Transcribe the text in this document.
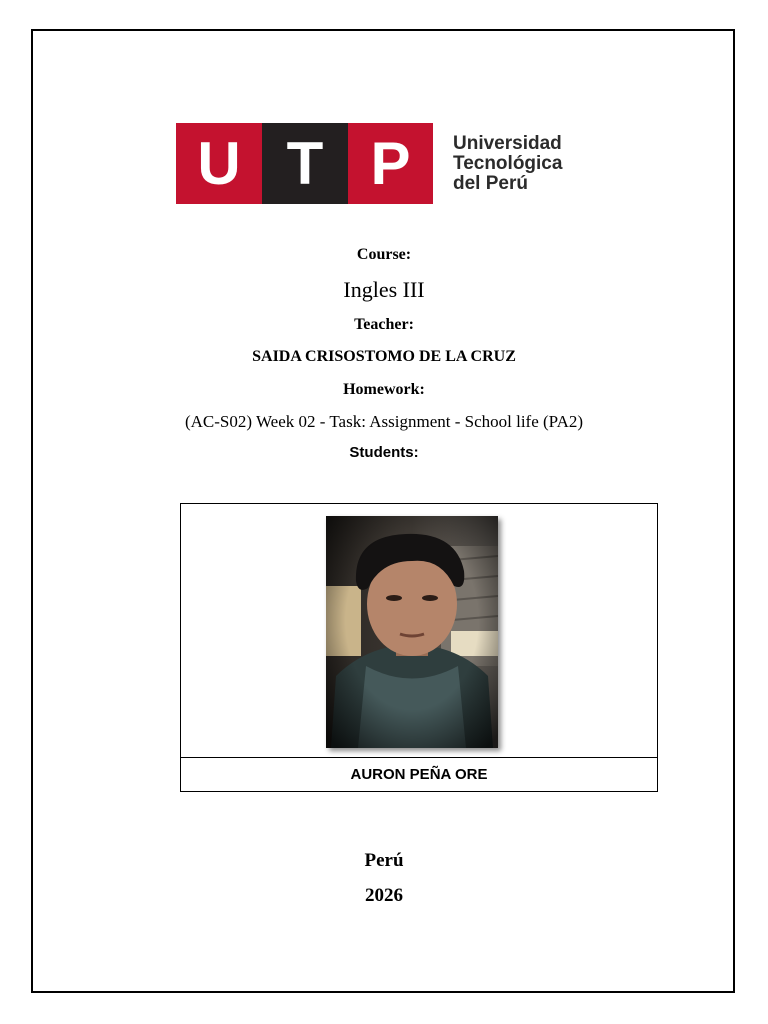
U T P Universidad
Tecnológica
del Perú
Course:
Ingles III
Teacher:
SAIDA CRISOSTOMO DE LA CRUZ
Homework:
(AC-S02) Week 02 - Task: Assignment - School life (PA2)
Students:
AURON PEÑA ORE
Perú
2026
